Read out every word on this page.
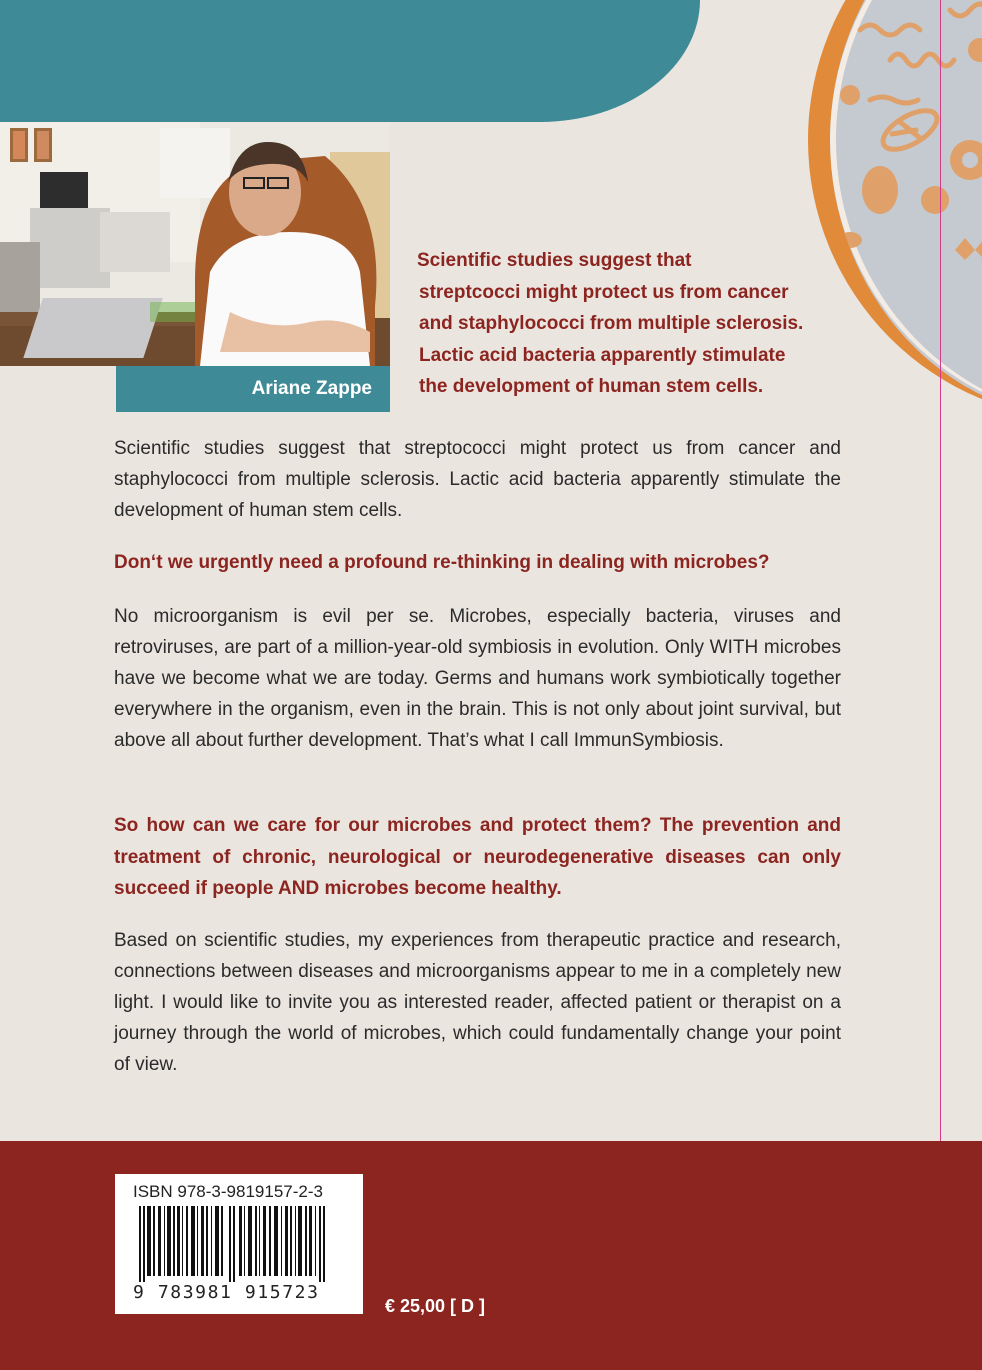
Ariane Zappe
Scientific studies suggest that
streptcocci might protect us from cancer
and staphylococci from multiple sclerosis.
Lactic acid bacteria apparently stimulate
the development of human stem cells.
Scientific studies suggest that streptococci might protect us from cancer and staphylococci from multiple sclerosis. Lactic acid bacteria apparently stimulate the development of human stem cells.
Don‘t we urgently need a profound re-thinking in dealing with microbes?
No microorganism is evil per se. Microbes, especially bacteria, viruses and retroviruses, are part of a million-year-old symbiosis in evolution. Only WITH microbes have we become what we are today. Germs and humans work symbiotically together everywhere in the organism, even in the brain. This is not only about joint survival, but above all about further development. That’s what I call ImmunSymbiosis.
So how can we care for our microbes and protect them? The prevention and treatment of chronic, neurological or neurodegenerative diseases can only succeed if people AND microbes become healthy.
Based on scientific studies, my experiences from therapeutic practice and research, connections between diseases and microorganisms appear to me in a completely new light. I would like to invite you as interested reader, affected patient or therapist on a journey through the world of microbes, which could fundamentally change your point of view.
ISBN 978-3-9819157-2-3
9 783981 915723
€ 25,00 [ D ]
